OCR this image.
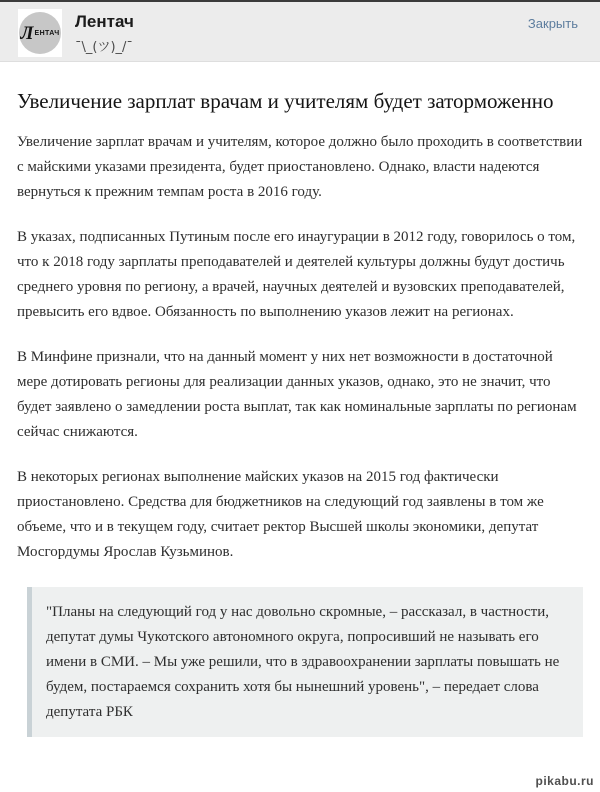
Л ЕНТАЧ
Лентач
¯\_(ツ)_/¯
Закрыть
Увеличение зарплат врачам и учителям будет заторможенно

Увеличение зарплат врачам и учителям, которое должно было проходить в соответствии с майскими указами президента, будет приостановлено. Однако, власти надеются вернуться к прежним темпам роста в 2016 году.

В указах, подписанных Путиным после его инаугурации в 2012 году, говорилось о том, что к 2018 году зарплаты преподавателей и деятелей культуры должны будут достичь среднего уровня по региону, а врачей, научных деятелей и вузовских преподавателей, превысить его вдвое. Обязанность по выполнению указов лежит на регионах.

В Минфине признали, что на данный момент у них нет возможности в достаточной мере дотировать регионы для реализации данных указов, однако, это не значит, что будет заявлено о замедлении роста выплат, так как номинальные зарплаты по регионам сейчас снижаются.

В некоторых регионах выполнение майских указов на 2015 год фактически приостановлено. Средства для бюджетников на следующий год заявлены в том же объеме, что и в текущем году, считает ректор Высшей школы экономики, депутат Мосгордумы Ярослав Кузьминов.

"Планы на следующий год у нас довольно скромные, – рассказал, в частности, депутат думы Чукотского автономного округа, попросивший не называть его имени в СМИ. – Мы уже решили, что в здравоохранении зарплаты повышать не будем, постараемся сохранить хотя бы нынешний уровень", – передает слова депутата РБК

pikabu.ru
